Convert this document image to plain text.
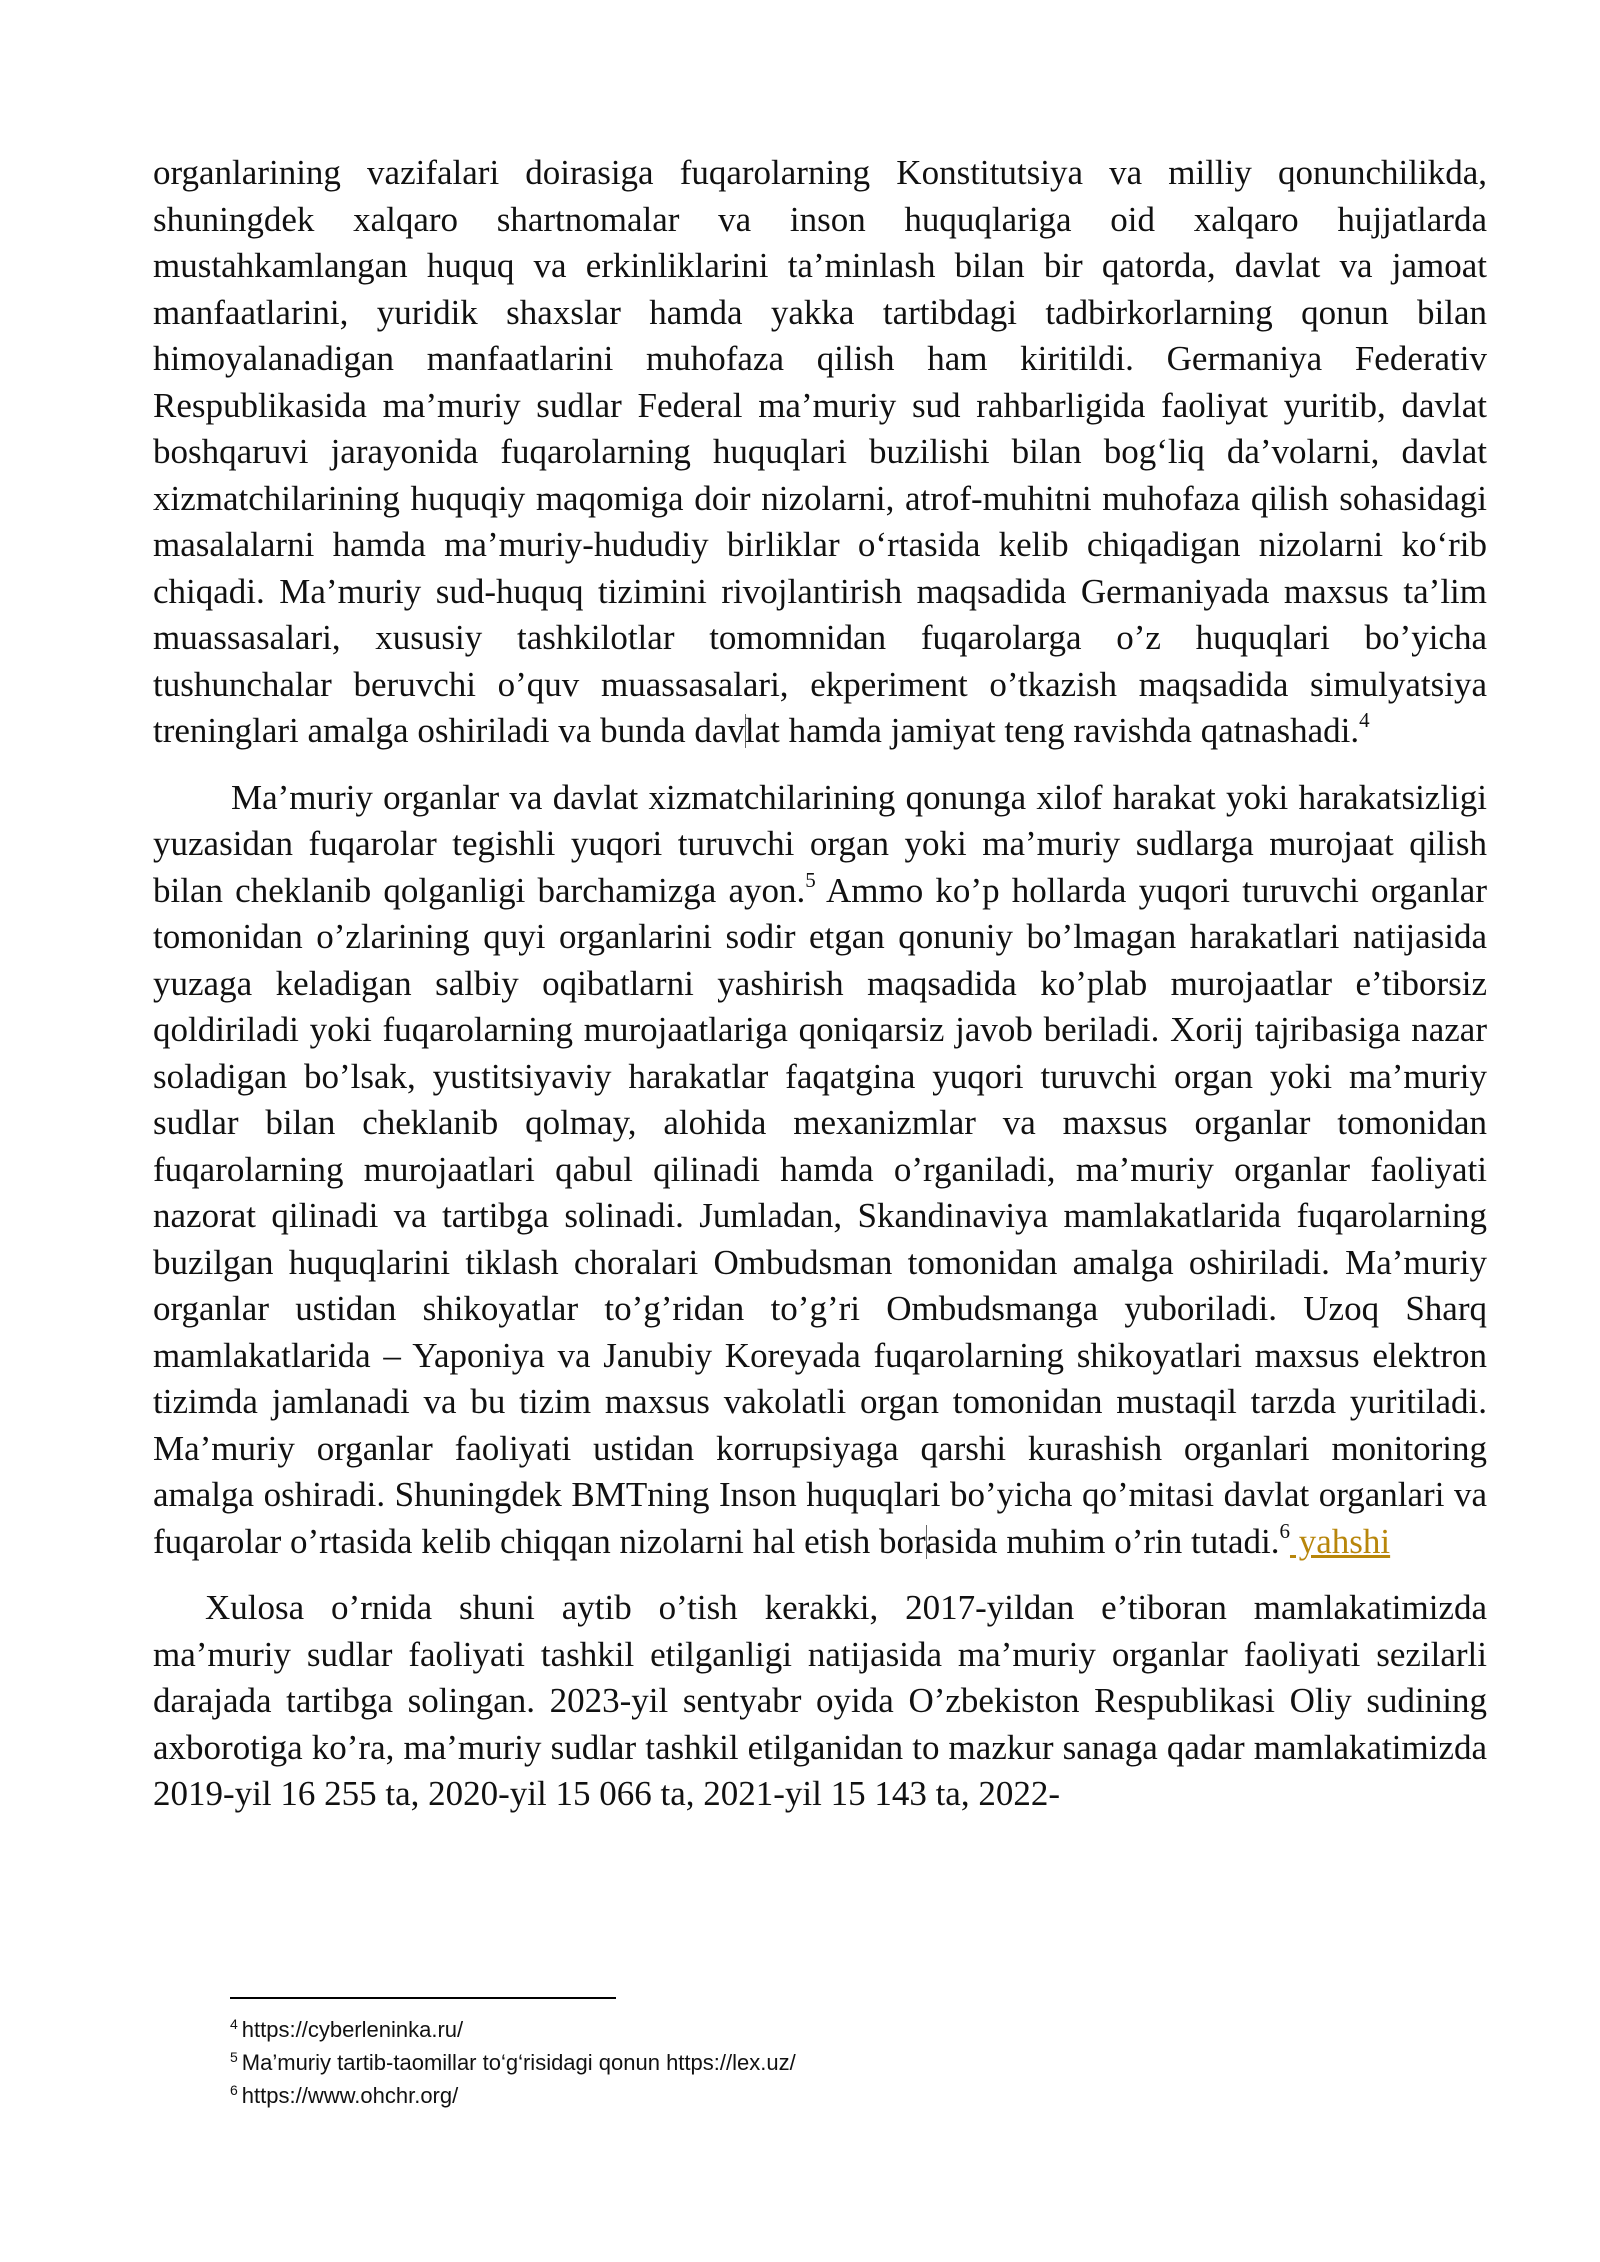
organlarining vazifalari doirasiga fuqarolarning Konstitutsiya va milliy qonunchilikda, shuningdek xalqaro shartnomalar va inson huquqlariga oid xalqaro hujjatlarda mustahkamlangan huquq va erkinliklarini ta’minlash bilan bir qatorda, davlat va jamoat manfaatlarini, yuridik shaxslar hamda yakka tartibdagi tadbirkorlarning qonun bilan himoyalanadigan manfaatlarini muhofaza qilish ham kiritildi. Germaniya Federativ Respublikasida ma’muriy sudlar Federal ma’muriy sud rahbarligida faoliyat yuritib, davlat boshqaruvi jarayonida fuqarolarning huquqlari buzilishi bilan bog‘liq da’volarni, davlat xizmatchilarining huquqiy maqomiga doir nizolarni, atrof-muhitni muhofaza qilish sohasidagi masalalarni hamda ma’muriy-hududiy birliklar o‘rtasida kelib chiqadigan nizolarni ko‘rib chiqadi. Ma’muriy sud-huquq tizimini rivojlantirish maqsadida Germaniyada maxsus ta’lim muassasalari, xususiy tashkilotlar tomomnidan fuqarolarga o’z huquqlari bo’yicha tushunchalar beruvchi o’quv muassasalari, ekperiment o’tkazish maqsadida simulyatsiya treninglari amalga oshiriladi va bunda davlat hamda jamiyat teng ravishda qatnashadi.$^4$

Ma’muriy organlar va davlat xizmatchilarining qonunga xilof harakat yoki harakatsizligi yuzasidan fuqarolar tegishli yuqori turuvchi organ yoki ma’muriy sudlarga murojaat qilish bilan cheklanib qolganligi barchamizga ayon.$^5$ Ammo ko’p hollarda yuqori turuvchi organlar tomonidan o’zlarining quyi organlarini sodir etgan qonuniy bo’lmagan harakatlari natijasida yuzaga keladigan salbiy oqibatlarni yashirish maqsadida ko’plab murojaatlar e’tiborsiz qoldiriladi yoki fuqarolarning murojaatlariga qoniqarsiz javob beriladi. Xorij tajribasiga nazar soladigan bo’lsak, yustitsiyaviy harakatlar faqatgina yuqori turuvchi organ yoki ma’muriy sudlar bilan cheklanib qolmay, alohida mexanizmlar va maxsus organlar tomonidan fuqarolarning murojaatlari qabul qilinadi hamda o’rganiladi, ma’muriy organlar faoliyati nazorat qilinadi va tartibga solinadi. Jumladan, Skandinaviya mamlakatlarida fuqarolarning buzilgan huquqlarini tiklash choralari Ombudsman tomonidan amalga oshiriladi. Ma’muriy organlar ustidan shikoyatlar to’g’ridan to’g’ri Ombudsmanga yuboriladi. Uzoq Sharq mamlakatlarida – Yaponiya va Janubiy Koreyada fuqarolarning shikoyatlari maxsus elektron tizimda jamlanadi va bu tizim maxsus vakolatli organ tomonidan mustaqil tarzda yuritiladi. Ma’muriy organlar faoliyati ustidan korrupsiyaga qarshi kurashish organlari monitoring amalga oshiradi. Shuningdek BMTning Inson huquqlari bo’yicha qo’mitasi davlat organlari va fuqarolar o’rtasida kelib chiqqan nizolarni hal etish borasida muhim o’rin tutadi.$^6$ yahshi

Xulosa o’rnida shuni aytib o’tish kerakki, 2017-yildan e’tiboran mamlakatimizda ma’muriy sudlar faoliyati tashkil etilganligi natijasida ma’muriy organlar faoliyati sezilarli darajada tartibga solingan. 2023-yil sentyabr oyida O’zbekiston Respublikasi Oliy sudining axborotiga ko’ra, ma’muriy sudlar tashkil etilganidan to mazkur sanaga qadar mamlakatimizda 2019-yil 16 255 ta, 2020-yil 15 066 ta, 2021-yil 15 143 ta, 2022-

$^4$ https://cyberleninka.ru/

$^5$ Ma’muriy tartib-taomillar to‘g‘risidagi qonun https://lex.uz/

$^6$ https://www.ohchr.org/
